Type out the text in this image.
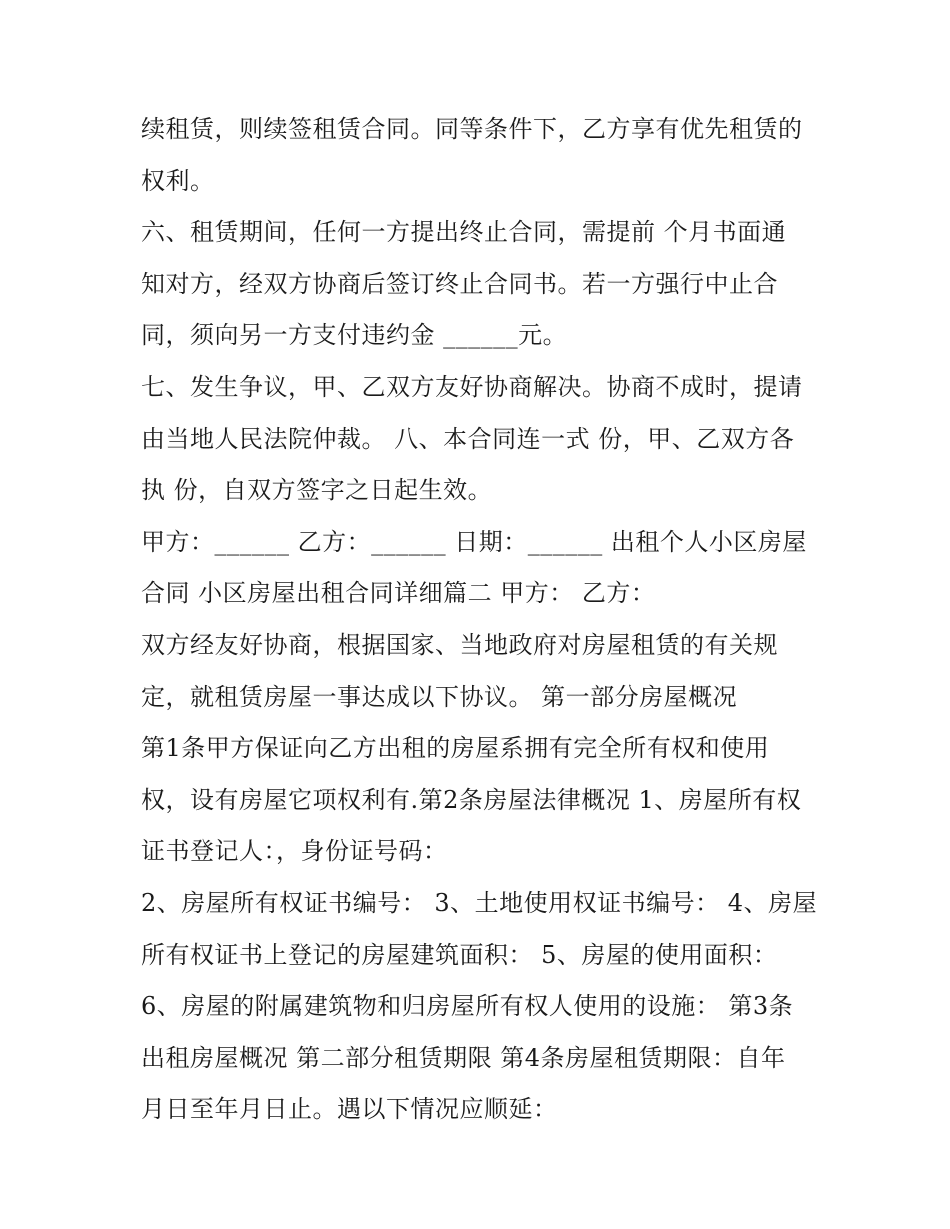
续租赁，则续签租赁合同。同等条件下，乙方享有优先租赁的
权利。
六、租赁期间，任何一方提出终止合同，需提前 个月书面通
知对方，经双方协商后签订终止合同书。若一方强行中止合
同，须向另一方支付违约金 ______元。
七、发生争议，甲、乙双方友好协商解决。协商不成时，提请
由当地人民法院仲裁。 八、本合同连一式 份，甲、乙双方各
执 份，自双方签字之日起生效。
甲方：______ 乙方：______ 日期：______ 出租个人小区房屋
合同 小区房屋出租合同详细篇二 甲方： 乙方：
双方经友好协商，根据国家、当地政府对房屋租赁的有关规
定，就租赁房屋一事达成以下协议。 第一部分房屋概况
第1条甲方保证向乙方出租的房屋系拥有完全所有权和使用
权，设有房屋它项权利有.第2条房屋法律概况 1、房屋所有权
证书登记人：，身份证号码：
2、房屋所有权证书编号： 3、土地使用权证书编号： 4、房屋
所有权证书上登记的房屋建筑面积： 5、房屋的使用面积：
6、房屋的附属建筑物和归房屋所有权人使用的设施： 第3条
出租房屋概况 第二部分租赁期限 第4条房屋租赁期限：自年
月日至年月日止。遇以下情况应顺延：
